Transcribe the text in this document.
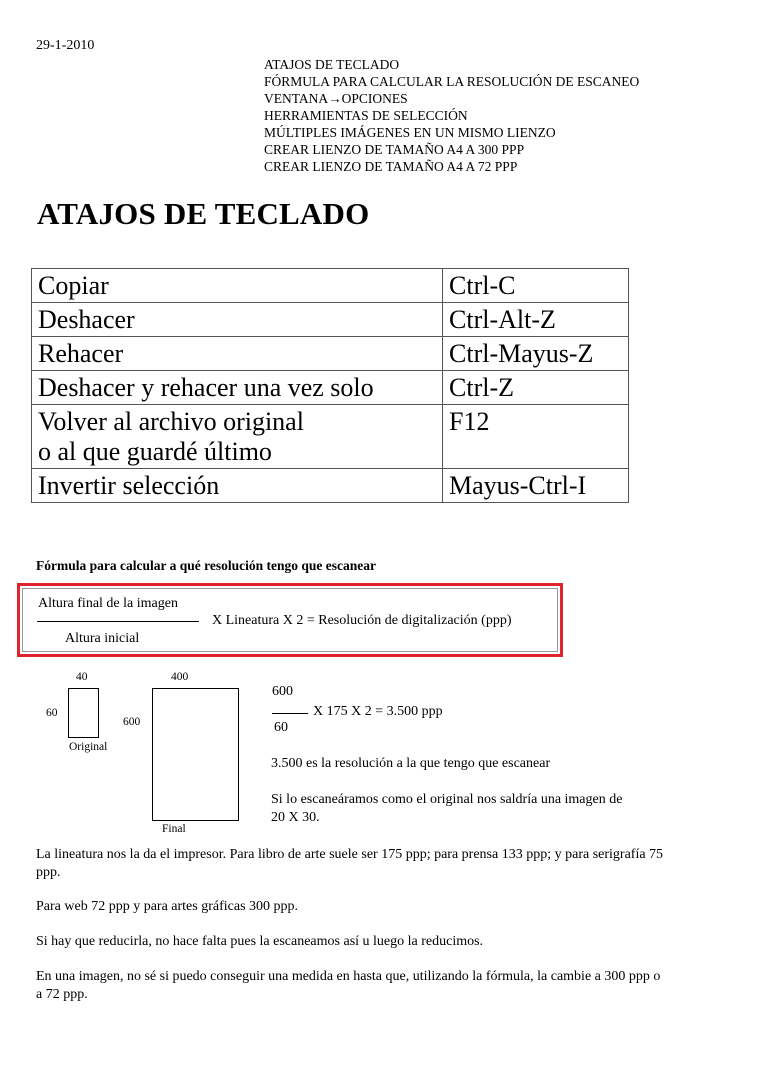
29-1-2010
ATAJOS DE TECLADO
FÓRMULA PARA CALCULAR LA RESOLUCIÓN DE ESCANEO
VENTANA→OPCIONES
HERRAMIENTAS DE SELECCIÓN
MÚLTIPLES IMÁGENES EN UN MISMO LIENZO
CREAR LIENZO DE TAMAÑO A4 A 300 PPP
CREAR LIENZO DE TAMAÑO A4 A 72 PPP
ATAJOS DE TECLADO
Copiar	Ctrl-C
Deshacer	Ctrl-Alt-Z
Rehacer	Ctrl-Mayus-Z
Deshacer y rehacer una vez solo	Ctrl-Z

Volver al archivo original
o al que guardé último	F12
Invertir selección	Mayus-Ctrl-I
Fórmula para calcular a qué resolución tengo que escanear
Altura final de la imagen
Altura inicial
X Lineatura X 2 = Resolución de digitalización (ppp)
40
60
Original
400
600
Final
600
60
X 175 X 2 = 3.500 ppp
3.500 es la resolución a la que tengo que escanear
Si lo escaneáramos como el original nos saldría una imagen de
20 X 30.
La lineatura nos la da el impresor. Para libro de arte suele ser 175 ppp; para prensa 133 ppp; y para serigrafía 75
ppp.
Para web 72 ppp y para artes gráficas 300 ppp.
Si hay que reducirla, no hace falta pues la escaneamos así u luego la reducimos.
En una imagen, no sé si puedo conseguir una medida en hasta que, utilizando la fórmula, la cambie a 300 ppp o
a 72 ppp.
